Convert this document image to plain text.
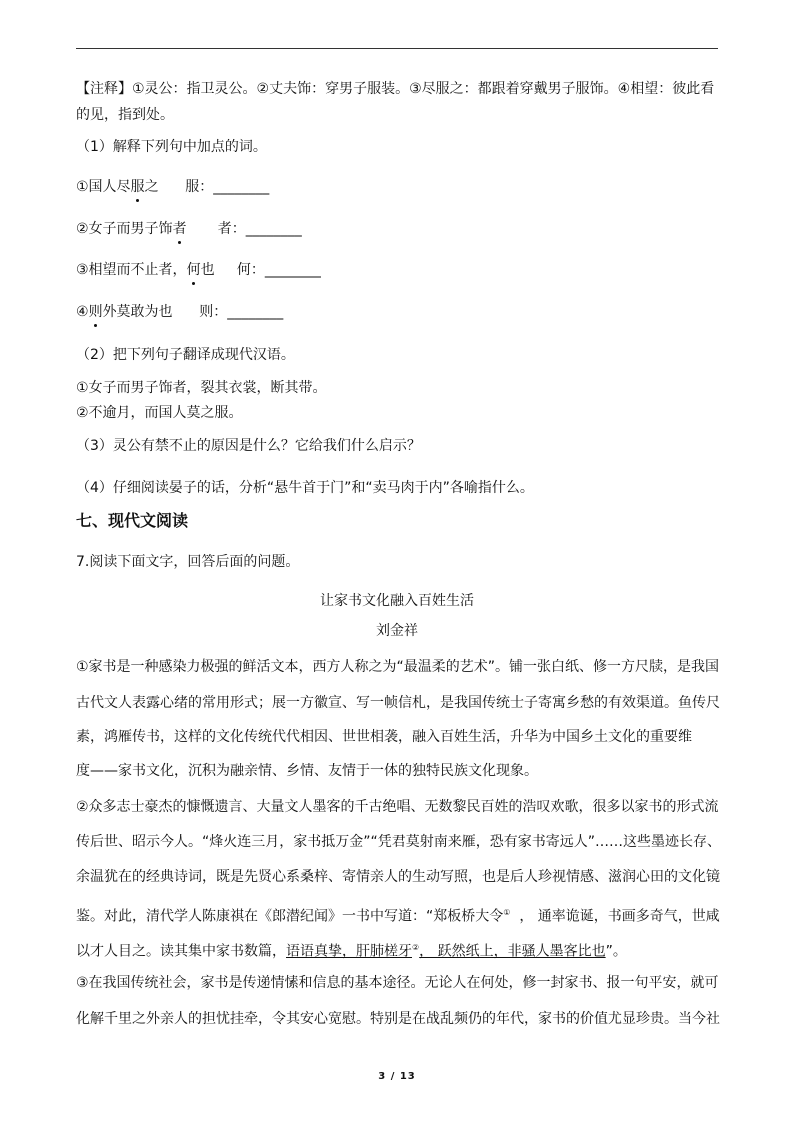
【注释】①灵公：指卫灵公。②丈夫饰：穿男子服装。③尽服之：都跟着穿戴男子服饰。④相望：彼此看
的见，指到处。
（1）解释下列句中加点的词。
①国人尽服之 服：________
②女子而男子饰者 者：________
③相望而不止者，何也 何：________
④则外莫敢为也 则：________
（2）把下列句子翻译成现代汉语。
①女子而男子饰者，裂其衣裳，断其带。
②不逾月，而国人莫之服。
（3）灵公有禁不止的原因是什么？它给我们什么启示？
（4）仔细阅读晏子的话，分析“悬牛首于门”和“卖马肉于内”各喻指什么。
七、现代文阅读
7.阅读下面文字，回答后面的问题。
让家书文化融入百姓生活
刘金祥
①家书是一种感染力极强的鲜活文本，西方人称之为“最温柔的艺术”。铺一张白纸、修一方尺牍，是我国
古代文人表露心绪的常用形式；展一方徽宣、写一帧信札，是我国传统士子寄寓乡愁的有效渠道。鱼传尺
素，鸿雁传书，这样的文化传统代代相因、世世相袭，融入百姓生活，升华为中国乡土文化的重要维
度——家书文化，沉积为融亲情、乡情、友情于一体的独特民族文化现象。
②众多志士豪杰的慷慨遗言、大量文人墨客的千古绝唱、无数黎民百姓的浩叹欢歌，很多以家书的形式流
传后世、昭示今人。“烽火连三月，家书抵万金”“凭君莫射南来雁，恐有家书寄远人”……这些墨迹长存、
余温犹在的经典诗词，既是先贤心系桑梓、寄情亲人的生动写照，也是后人珍视情感、滋润心田的文化镜
鉴。对此，清代学人陈康祺在《郎潜纪闻》一书中写道：“郑板桥大令① ， 通率诡诞，书画多奇气，世咸
以才人目之。读其集中家书数篇，语语真挚，肝肺槎牙②， 跃然纸上，非骚人墨客比也”。
③在我国传统社会，家书是传递情愫和信息的基本途径。无论人在何处，修一封家书、报一句平安，就可
化解千里之外亲人的担忧挂牵，令其安心宽慰。特别是在战乱频仍的年代，家书的价值尤显珍贵。当今社
3 / 13
